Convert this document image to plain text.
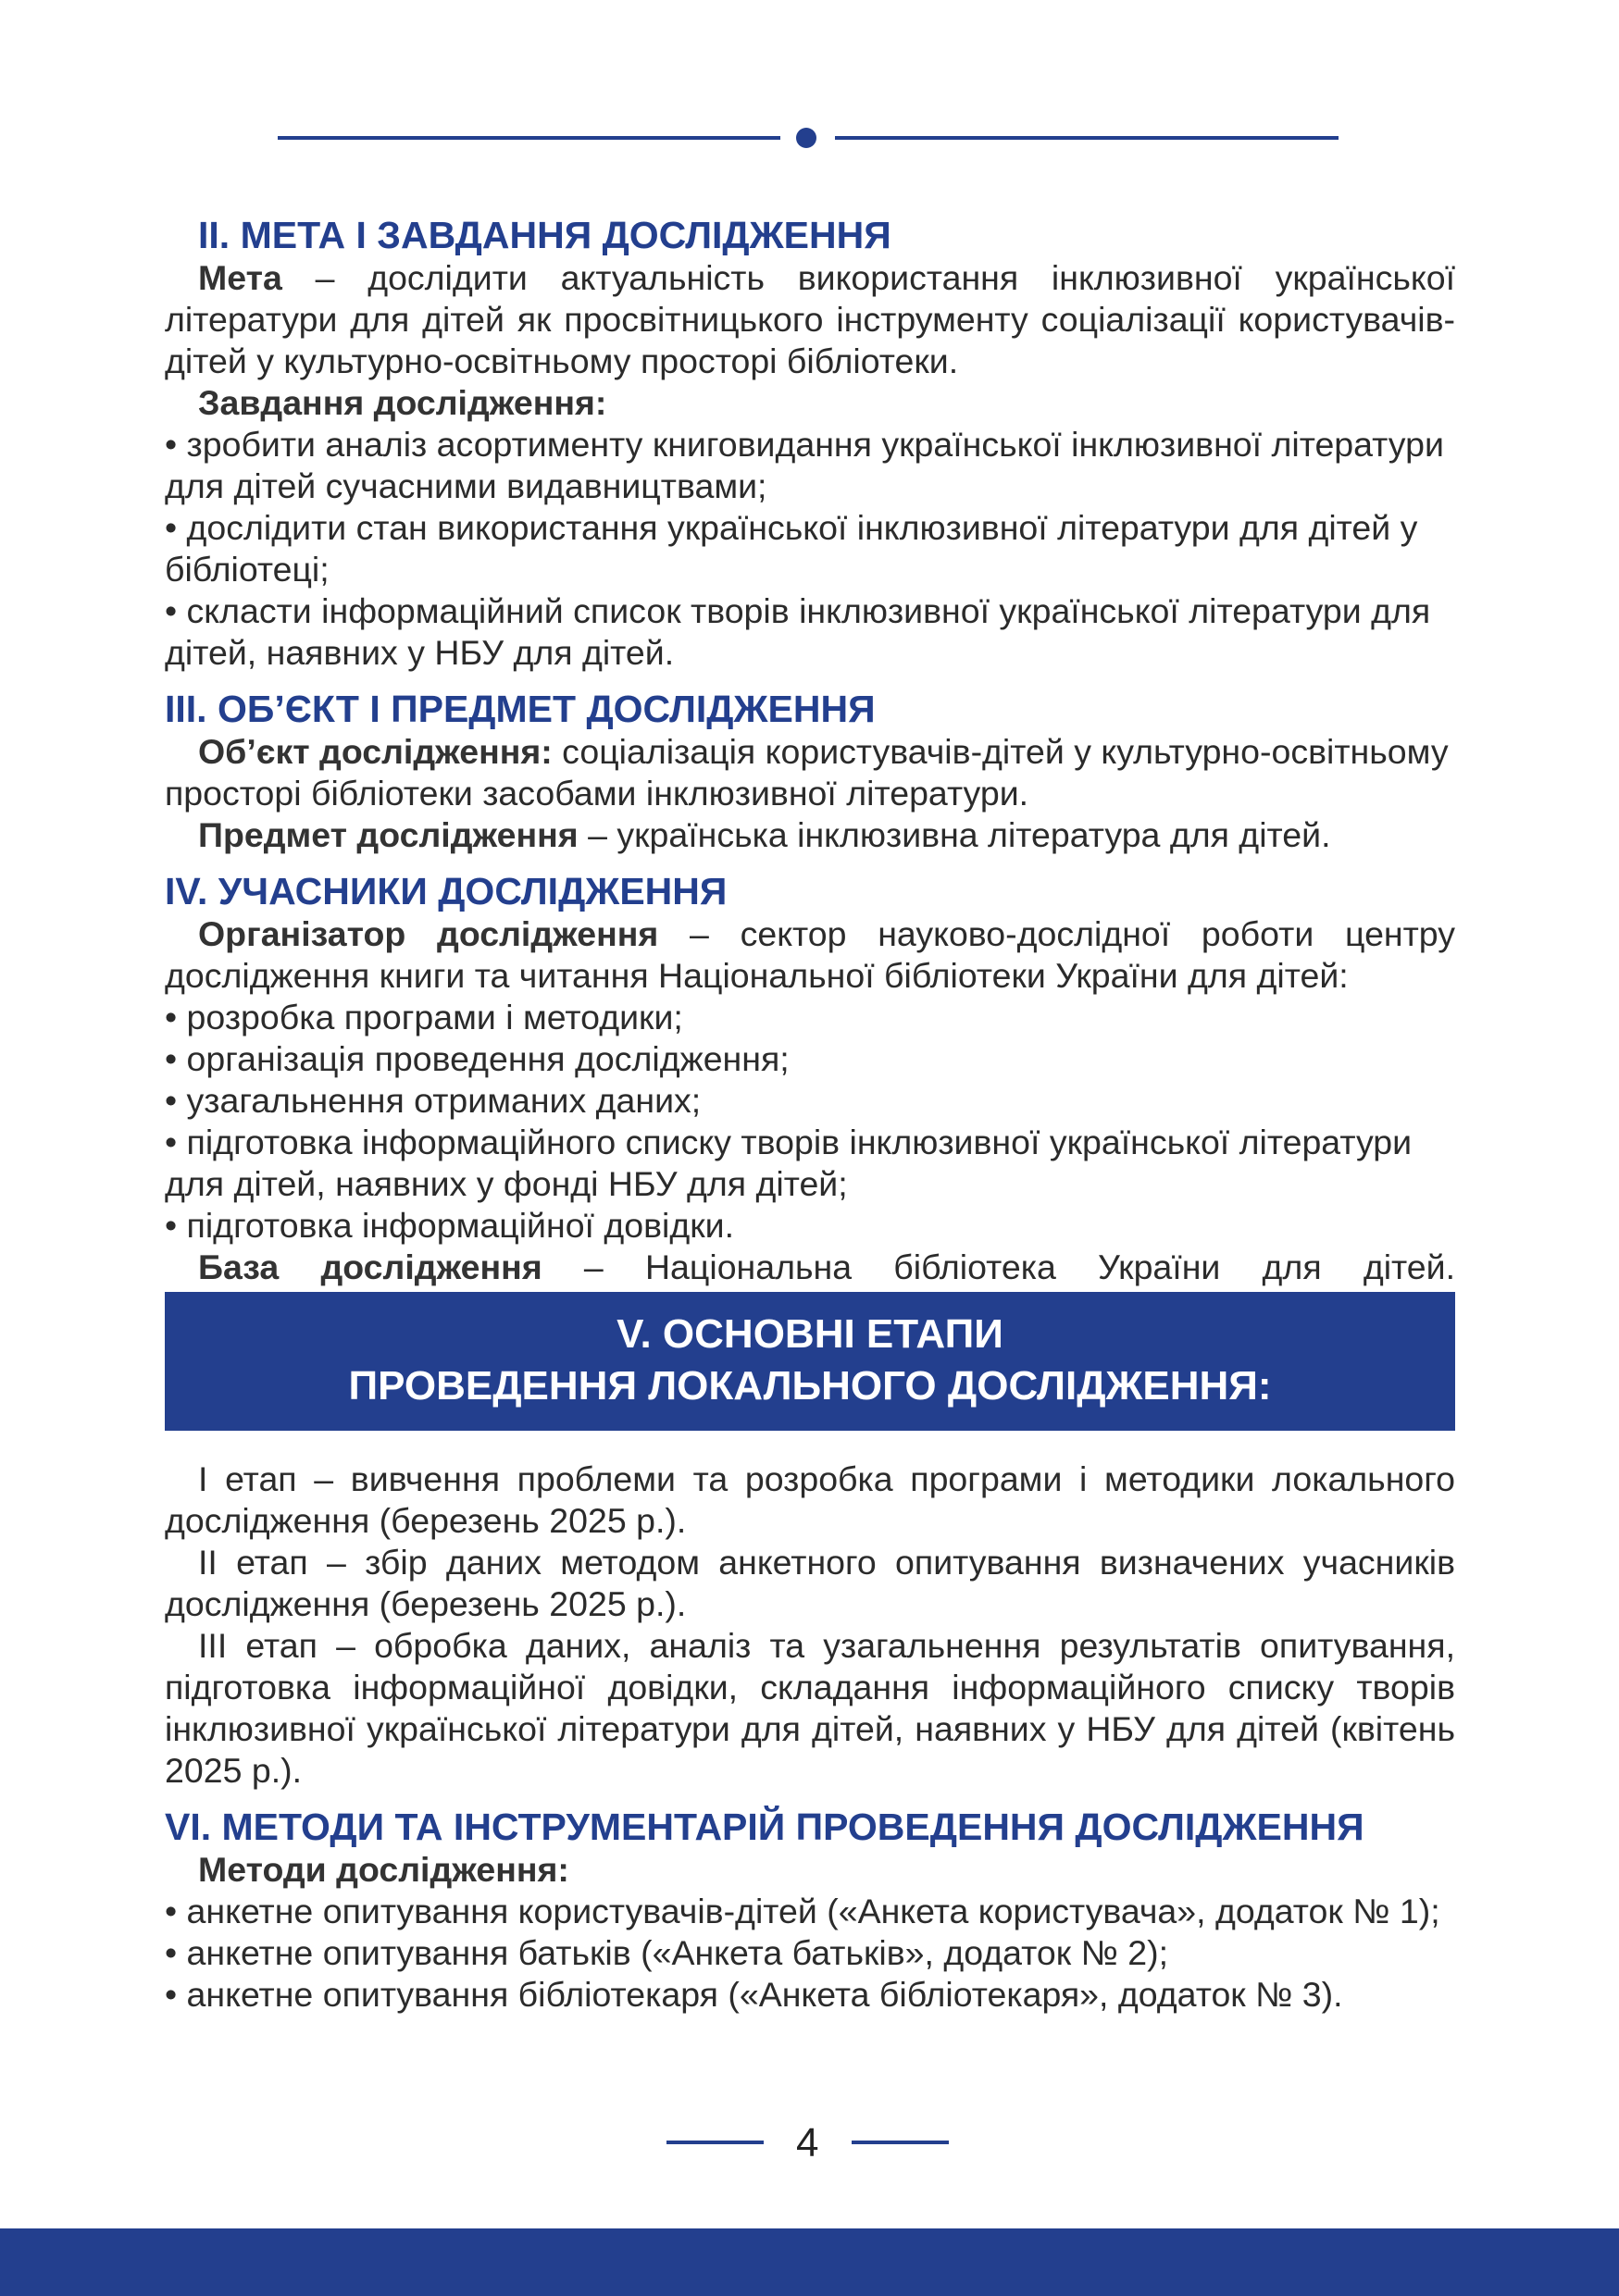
II. МЕТА І ЗАВДАННЯ ДОСЛІДЖЕННЯ

Мета – дослідити актуальність використання інклюзивної української літератури для дітей як просвітницького інструменту соціалізації користувачів-дітей у культурно-освітньому просторі бібліотеки.

Завдання дослідження:

• зробити аналіз асортименту книговидання української інклюзивної літератури для дітей сучасними видавництвами;

• дослідити стан використання української інклюзивної літератури для дітей у бібліотеці;

• скласти інформаційний список творів інклюзивної української літератури для дітей, наявних у НБУ для дітей.

III. ОБ’ЄКТ І ПРЕДМЕТ ДОСЛІДЖЕННЯ

Об’єкт дослідження: соціалізація користувачів-дітей у культурно-освітньому просторі бібліотеки засобами інклюзивної літератури.

Предмет дослідження – українська інклюзивна література для дітей.

IV. УЧАСНИКИ ДОСЛІДЖЕННЯ

Організатор дослідження – сектор науково-дослідної роботи центру дослідження книги та читання Національної бібліотеки України для дітей:

• розробка програми і методики;

• організація проведення дослідження;

• узагальнення отриманих даних;

• підготовка інформаційного списку творів інклюзивної української літератури для дітей, наявних у фонді НБУ для дітей;

• підготовка інформаційної довідки.

База дослідження – Національна бібліотека України для дітей.

V. ОСНОВНІ ЕТАПИ
ПРОВЕДЕННЯ ЛОКАЛЬНОГО ДОСЛІДЖЕННЯ:

І етап – вивчення проблеми та розробка програми і методики локального дослідження (березень 2025 р.).

ІІ етап – збір даних методом анкетного опитування визначених учасників дослідження (березень 2025 р.).

ІІІ етап – обробка даних, аналіз та узагальнення результатів опитування, підготовка інформаційної довідки, складання інформаційного списку творів інклюзивної української літератури для дітей, наявних у НБУ для дітей (квітень 2025 р.).

VI. МЕТОДИ ТА ІНСТРУМЕНТАРІЙ ПРОВЕДЕННЯ ДОСЛІДЖЕННЯ

Методи дослідження:

• анкетне опитування користувачів-дітей («Анкета користувача», додаток № 1);

• анкетне опитування батьків («Анкета батьків», додаток № 2);

• анкетне опитування бібліотекаря («Анкета бібліотекаря», додаток № 3).

4
